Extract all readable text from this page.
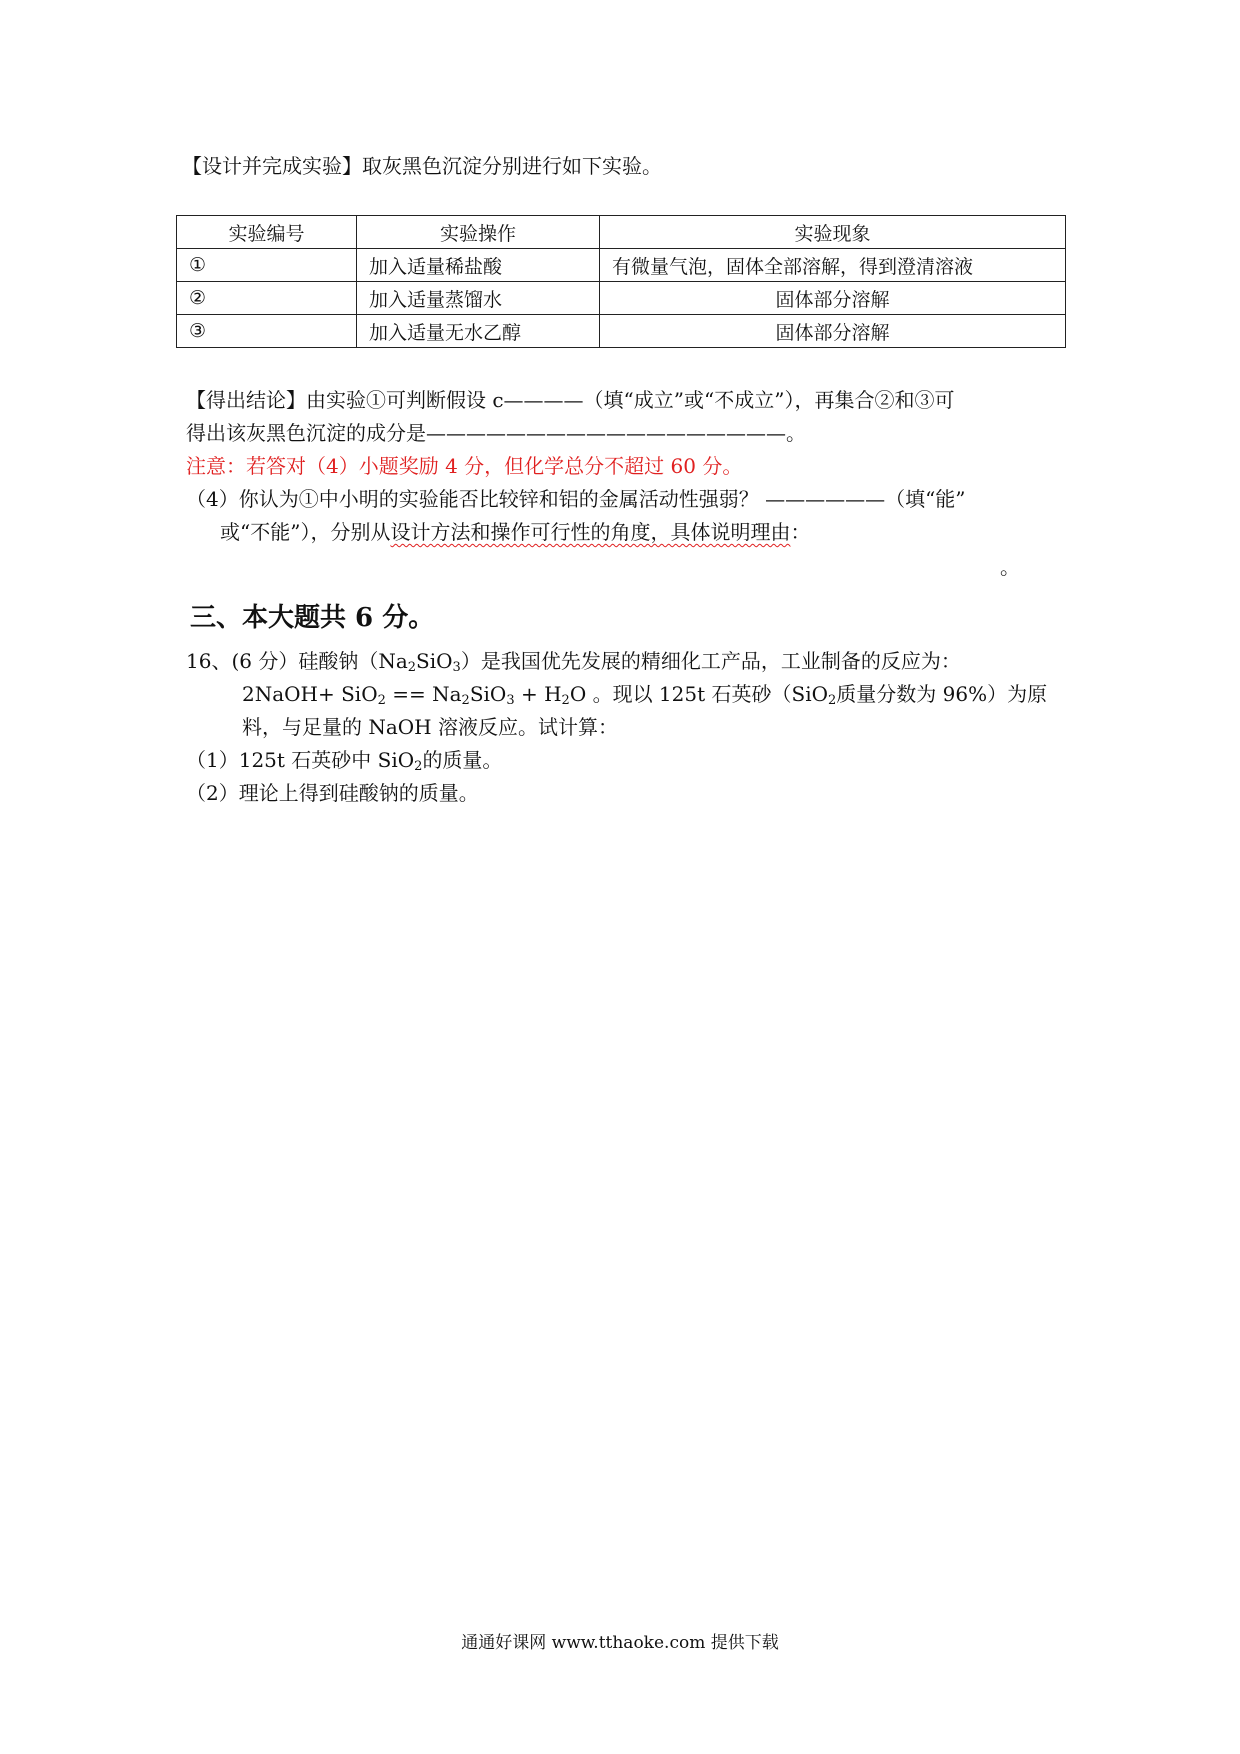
【设计并完成实验】取灰黑色沉淀分别进行如下实验。
实验编号	实验操作	实验现象
①	加入适量稀盐酸	有微量气泡，固体全部溶解，得到澄清溶液
②	加入适量蒸馏水	固体部分溶解
③	加入适量无水乙醇	固体部分溶解
【得出结论】由实验①可判断假设 c————（填“成立”或“不成立”），再集合②和③可
得出该灰黑色沉淀的成分是——————————————————。
注意：若答对（4）小题奖励 4 分，但化学总分不超过 60 分。
（4）你认为①中小明的实验能否比较锌和铝的金属活动性强弱？ ——————（填“能”
或“不能”），分别从设计方法和操作可行性的角度，具体说明理由：
。
三、本大题共 6 分。
16、(6 分）硅酸钠$(Na_2SiO_3)$是我国优先发展的精细化工产品，工业制备的反应为：
2NaOH+ $SiO_2 == Na_2SiO_3 + H_2O$ 。现以 125t 石英砂（SiO$_2$质量分数为 96%）为原
料，与足量的 NaOH 溶液反应。试计算：
（1）125t 石英砂中 SiO$_2$的质量。
（2）理论上得到硅酸钠的质量。
通通好课网 www.tthaoke.com 提供下载
